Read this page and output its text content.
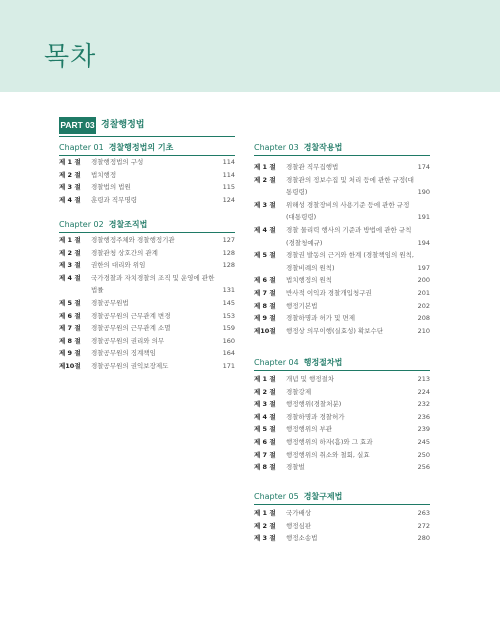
목차
PART 03 경찰행정법
Chapter 01 경찰행정법의 기초
제 1 절 경찰행정법의 구성	114
제 2 절 법치행정	114
제 3 절 경찰법의 법원	115
제 4 절 훈령과 직무명령	124
Chapter 02 경찰조직법
제 1 절 경찰행정주체와 경찰행정기관	127
제 2 절 경찰관청 상호간의 관계	128
제 3 절 권한의 대리와 위임	128
제 4 절 국가경찰과 자치경찰의 조직 및 운영에 관한 법률	131
제 5 절 경찰공무원법	145
제 6 절 경찰공무원의 근무관계 변경	153
제 7 절 경찰공무원의 근무관계 소멸	159
제 8 절 경찰공무원의 권리와 의무	160
제 9 절 경찰공무원의 징계책임	164
제10절 경찰공무원의 권익보장제도	171
Chapter 03 경찰작용법
제 1 절 경찰관 직무집행법	174
제 2 절 경찰관의 정보수집 및 처리 등에 관한 규정(대통령령)	190
제 3 절 위해성 경찰장비의 사용기준 등에 관한 규정(대통령령)	191
제 4 절 경찰 물리력 행사의 기준과 방법에 관한 규칙(경찰청예규)	194
제 5 절 경찰권 발동의 근거와 한계 (경찰책임의 원칙, 경찰비례의 원칙)	197
제 6 절 법치행정의 원칙	200
제 7 절 반사적 이익과 경찰개입청구권	201
제 8 절 행정기본법	202
제 9 절 경찰하명과 허가 및 면제	208
제10절 행정상 의무이행(실효성) 확보수단	210
Chapter 04 행정절차법
제 1 절 개념 및 행정절차	213
제 2 절 경찰강제	224
제 3 절 행정행위(경찰처분)	232
제 4 절 경찰하명과 경찰허가	236
제 5 절 행정행위의 부관	239
제 6 절 행정행위의 하자(흠)와 그 효과	245
제 7 절 행정행위의 취소와 철회, 실효	250
제 8 절 경찰벌	256
Chapter 05 경찰구제법
제 1 절 국가배상	263
제 2 절 행정심판	272
제 3 절 행정소송법	280
